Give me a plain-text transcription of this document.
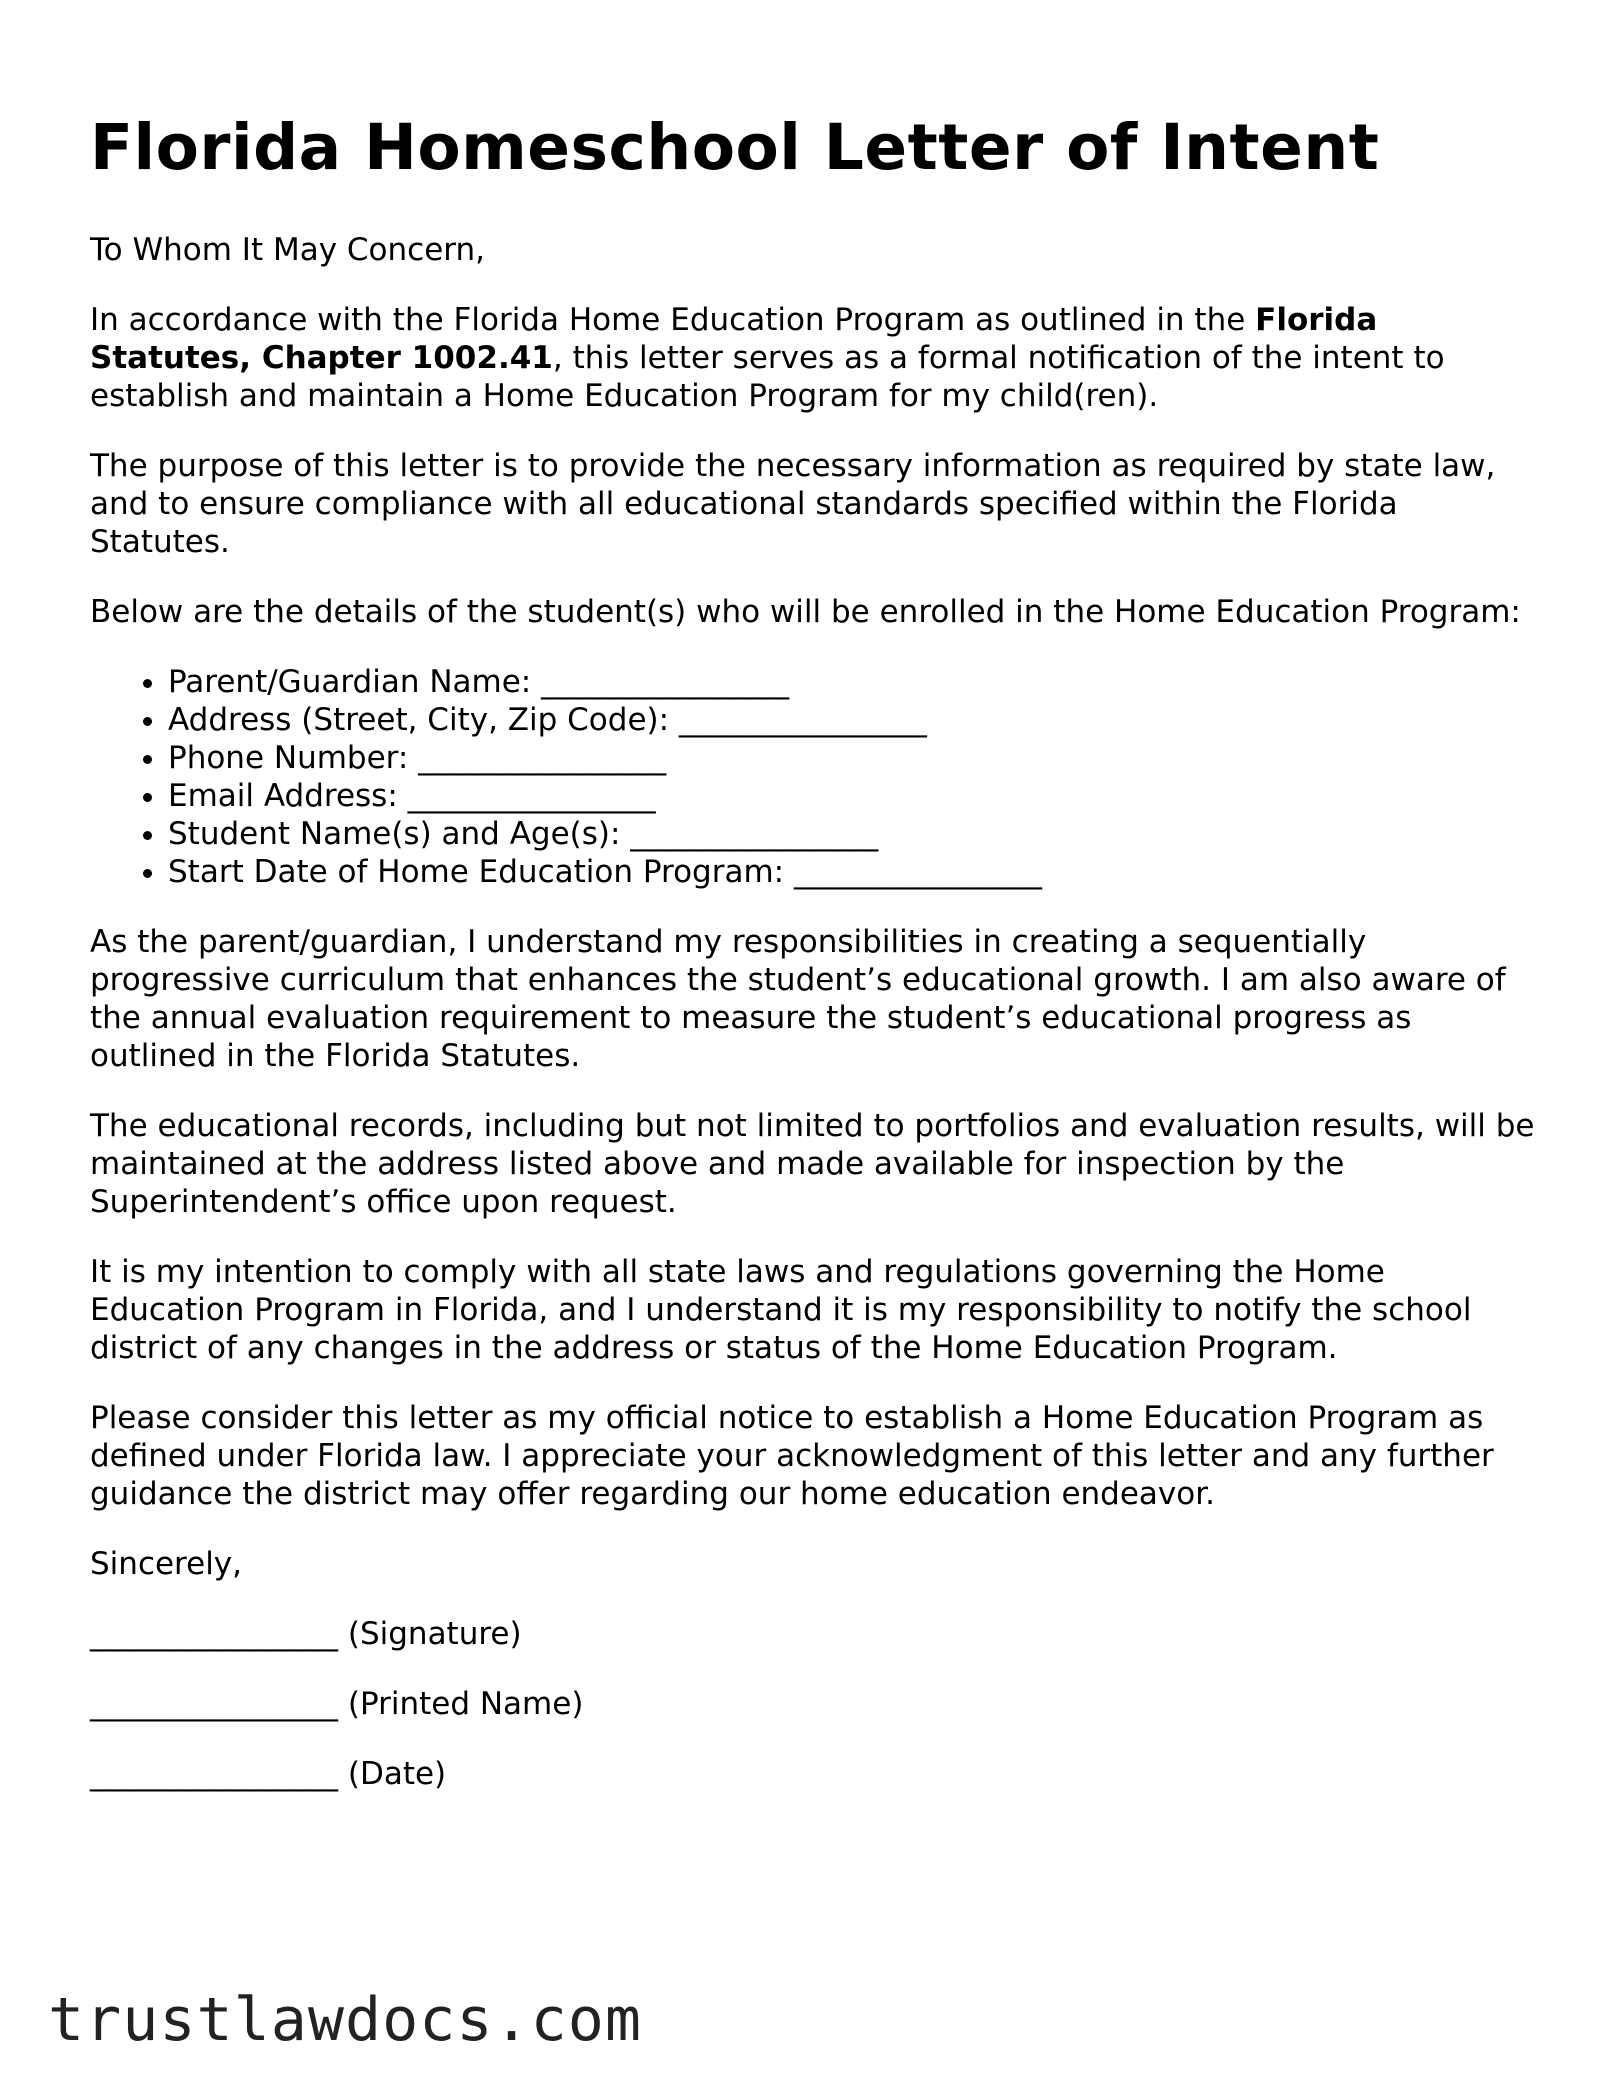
Florida Homeschool Letter of Intent

To Whom It May Concern,

In accordance with the Florida Home Education Program as outlined in the Florida Statutes, Chapter 1002.41, this letter serves as a formal notification of the intent to establish and maintain a Home Education Program for my child(ren).

The purpose of this letter is to provide the necessary information as required by state law, and to ensure compliance with all educational standards specified within the Florida Statutes.

Below are the details of the student(s) who will be enrolled in the Home Education Program:

• Parent/Guardian Name: ________________
• Address (Street, City, Zip Code): ________________
• Phone Number: ________________
• Email Address: ________________
• Student Name(s) and Age(s): ________________
• Start Date of Home Education Program: ________________

As the parent/guardian, I understand my responsibilities in creating a sequentially progressive curriculum that enhances the student’s educational growth. I am also aware of the annual evaluation requirement to measure the student’s educational progress as outlined in the Florida Statutes.

The educational records, including but not limited to portfolios and evaluation results, will be maintained at the address listed above and made available for inspection by the Superintendent’s office upon request.

It is my intention to comply with all state laws and regulations governing the Home Education Program in Florida, and I understand it is my responsibility to notify the school district of any changes in the address or status of the Home Education Program.

Please consider this letter as my official notice to establish a Home Education Program as defined under Florida law. I appreciate your acknowledgment of this letter and any further guidance the district may offer regarding our home education endeavor.

Sincerely,

________________ (Signature)

________________ (Printed Name)

________________ (Date)

trustlawdocs.com
